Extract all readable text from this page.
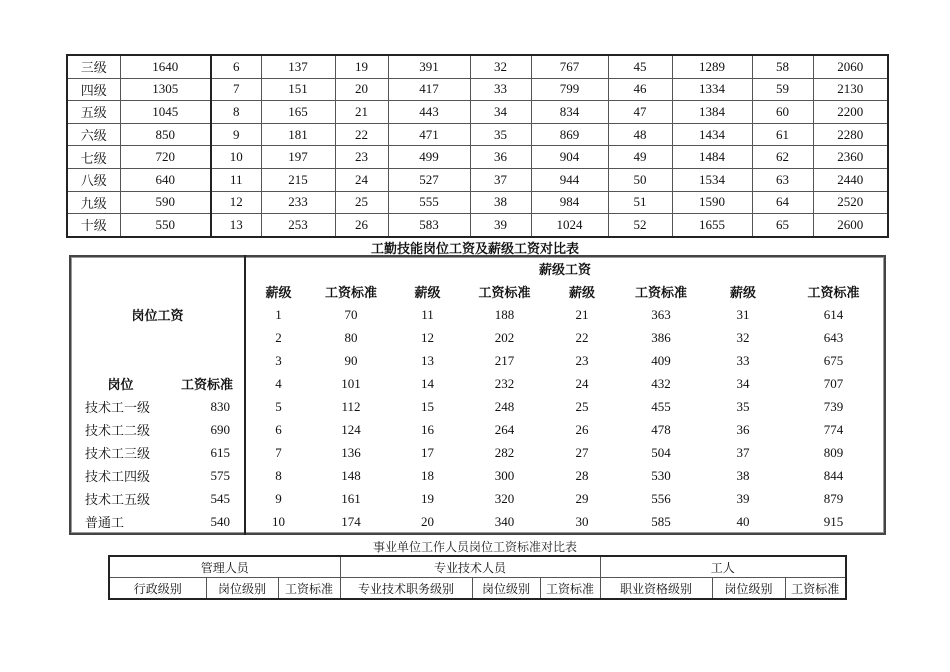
三级	1640	6	137	19	391	32	767	45	1289	58	2060
四级	1305	7	151	20	417	33	799	46	1334	59	2130
五级	1045	8	165	21	443	34	834	47	1384	60	2200
六级	850	9	181	22	471	35	869	48	1434	61	2280
七级	720	10	197	23	499	36	904	49	1484	62	2360
八级	640	11	215	24	527	37	944	50	1534	63	2440
九级	590	12	233	25	555	38	984	51	1590	64	2520
十级	550	13	253	26	583	39	1024	52	1655	65	2600
工勤技能岗位工资及薪级工资对比表
岗位工资		薪级工资							
		薪级	工资标准	薪级	工资标准	薪级	工资标准	薪级	工资标准
		1	70	11	188	21	363	31	614
		2	80	12	202	22	386	32	643
		3	90	13	217	23	409	33	675
岗位	工资标准	4	101	14	232	24	432	34	707
技术工一级	830	5	112	15	248	25	455	35	739
技术工二级	690	6	124	16	264	26	478	36	774
技术工三级	615	7	136	17	282	27	504	37	809
技术工四级	575	8	148	18	300	28	530	38	844
技术工五级	545	9	161	19	320	29	556	39	879
普通工	540	10	174	20	340	30	585	40	915
事业单位工作人员岗位工资标准对比表
管理人员			专业技术人员			工人		
行政级别	岗位级别	工资标准	专业技术职务级别	岗位级别	工资标准	职业资格级别	岗位级别	工资标准
